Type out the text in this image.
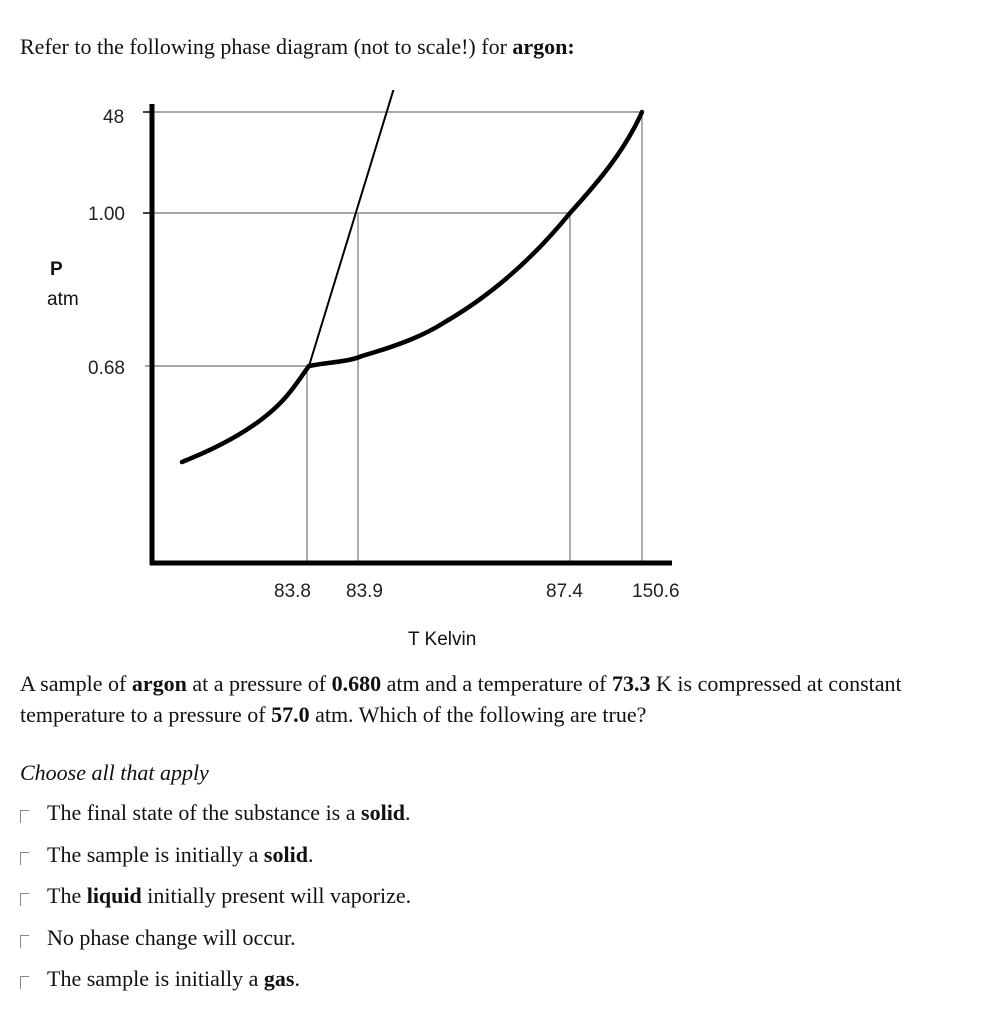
Refer to the following phase diagram (not to scale!) for argon:
48
1.00
0.68
83.8 83.9	87.4	150.6
P
atm
T Kelvin
A sample of argon at a pressure of 0.680 atm and a temperature of 73.3 K is compressed at constant temperature to a pressure of 57.0 atm. Which of the following are true?
Choose all that apply
The final state of the substance is a solid.
The sample is initially a solid.
The liquid initially present will vaporize.
No phase change will occur.
The sample is initially a gas.
